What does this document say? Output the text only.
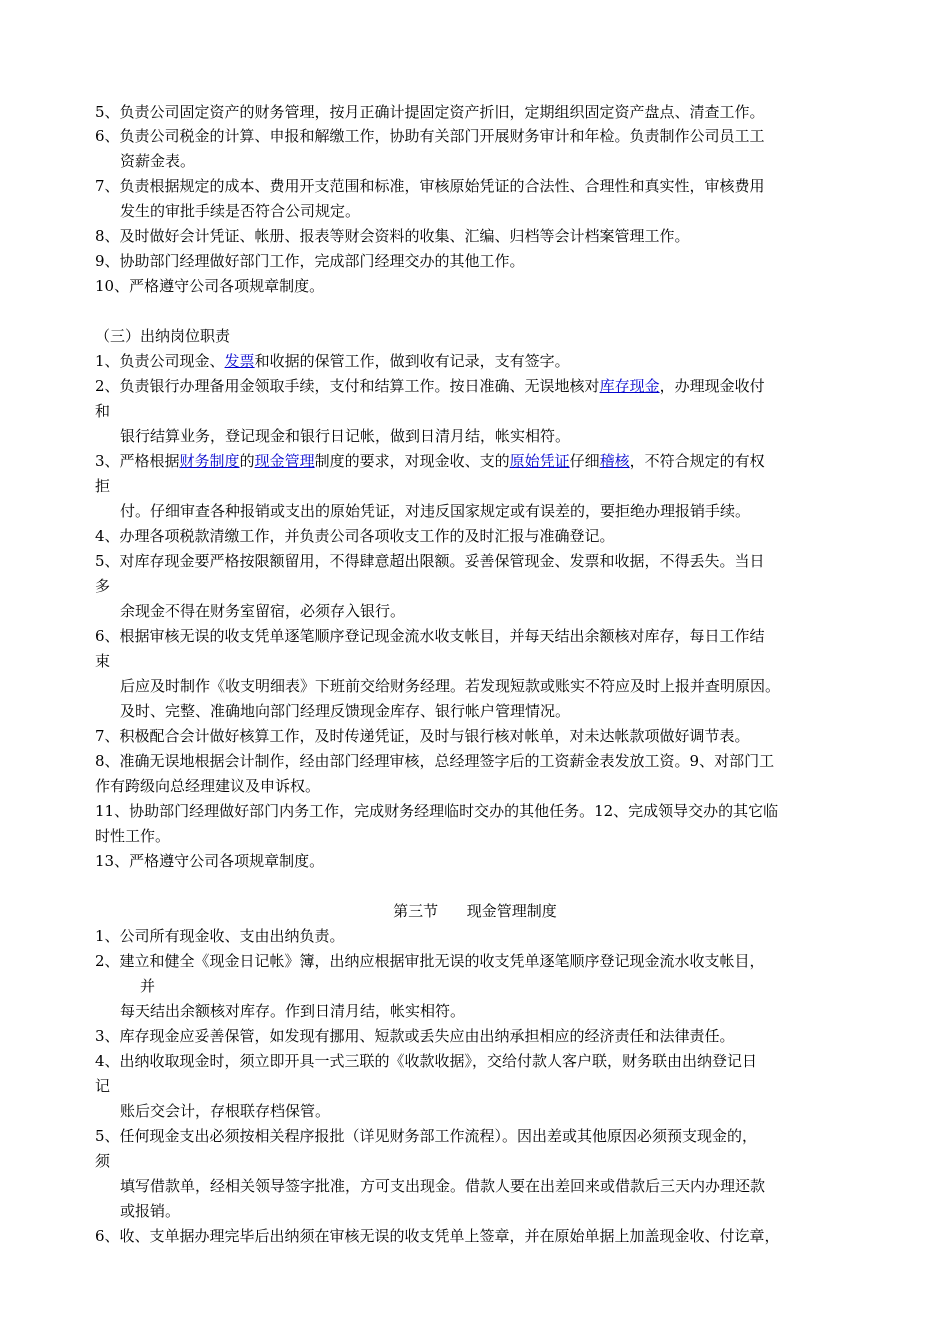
5、负责公司固定资产的财务管理，按月正确计提固定资产折旧，定期组织固定资产盘点、清查工作。
6、负责公司税金的计算、申报和解缴工作，协助有关部门开展财务审计和年检。负责制作公司员工工
资薪金表。
7、负责根据规定的成本、费用开支范围和标准，审核原始凭证的合法性、合理性和真实性，审核费用
发生的审批手续是否符合公司规定。
8、及时做好会计凭证、帐册、报表等财会资料的收集、汇编、归档等会计档案管理工作。
9、协助部门经理做好部门工作，完成部门经理交办的其他工作。
10、严格遵守公司各项规章制度。
（三）出纳岗位职责
1、负责公司现金、发票和收据的保管工作，做到收有记录，支有签字。
2、负责银行办理备用金领取手续，支付和结算工作。按日准确、无误地核对库存现金，办理现金收付
和
银行结算业务，登记现金和银行日记帐，做到日清月结，帐实相符。
3、严格根据财务制度的现金管理制度的要求，对现金收、支的原始凭证仔细稽核，不符合规定的有权
拒
付。仔细审查各种报销或支出的原始凭证，对违反国家规定或有误差的，要拒绝办理报销手续。
4、办理各项税款清缴工作，并负责公司各项收支工作的及时汇报与准确登记。
5、对库存现金要严格按限额留用，不得肆意超出限额。妥善保管现金、发票和收据，不得丢失。当日
多
余现金不得在财务室留宿，必须存入银行。
6、根据审核无误的收支凭单逐笔顺序登记现金流水收支帐目，并每天结出余额核对库存，每日工作结
束
后应及时制作《收支明细表》下班前交给财务经理。若发现短款或账实不符应及时上报并查明原因。
及时、完整、准确地向部门经理反馈现金库存、银行帐户管理情况。
7、积极配合会计做好核算工作，及时传递凭证，及时与银行核对帐单，对未达帐款项做好调节表。
8、准确无误地根据会计制作，经由部门经理审核，总经理签字后的工资薪金表发放工资。9、对部门工
作有跨级向总经理建议及申诉权。
11、协助部门经理做好部门内务工作，完成财务经理临时交办的其他任务。12、完成领导交办的其它临
时性工作。
13、严格遵守公司各项规章制度。
第三节 现金管理制度
1、公司所有现金收、支由出纳负责。
2、建立和健全《现金日记帐》簿，出纳应根据审批无误的收支凭单逐笔顺序登记现金流水收支帐目，
并
每天结出余额核对库存。作到日清月结，帐实相符。
3、库存现金应妥善保管，如发现有挪用、短款或丢失应由出纳承担相应的经济责任和法律责任。
4、出纳收取现金时，须立即开具一式三联的《收款收据》，交给付款人客户联，财务联由出纳登记日
记
账后交会计，存根联存档保管。
5、任何现金支出必须按相关程序报批（详见财务部工作流程）。因出差或其他原因必须预支现金的，
须
填写借款单，经相关领导签字批准，方可支出现金。借款人要在出差回来或借款后三天内办理还款
或报销。
6、收、支单据办理完毕后出纳须在审核无误的收支凭单上签章，并在原始单据上加盖现金收、付讫章，
